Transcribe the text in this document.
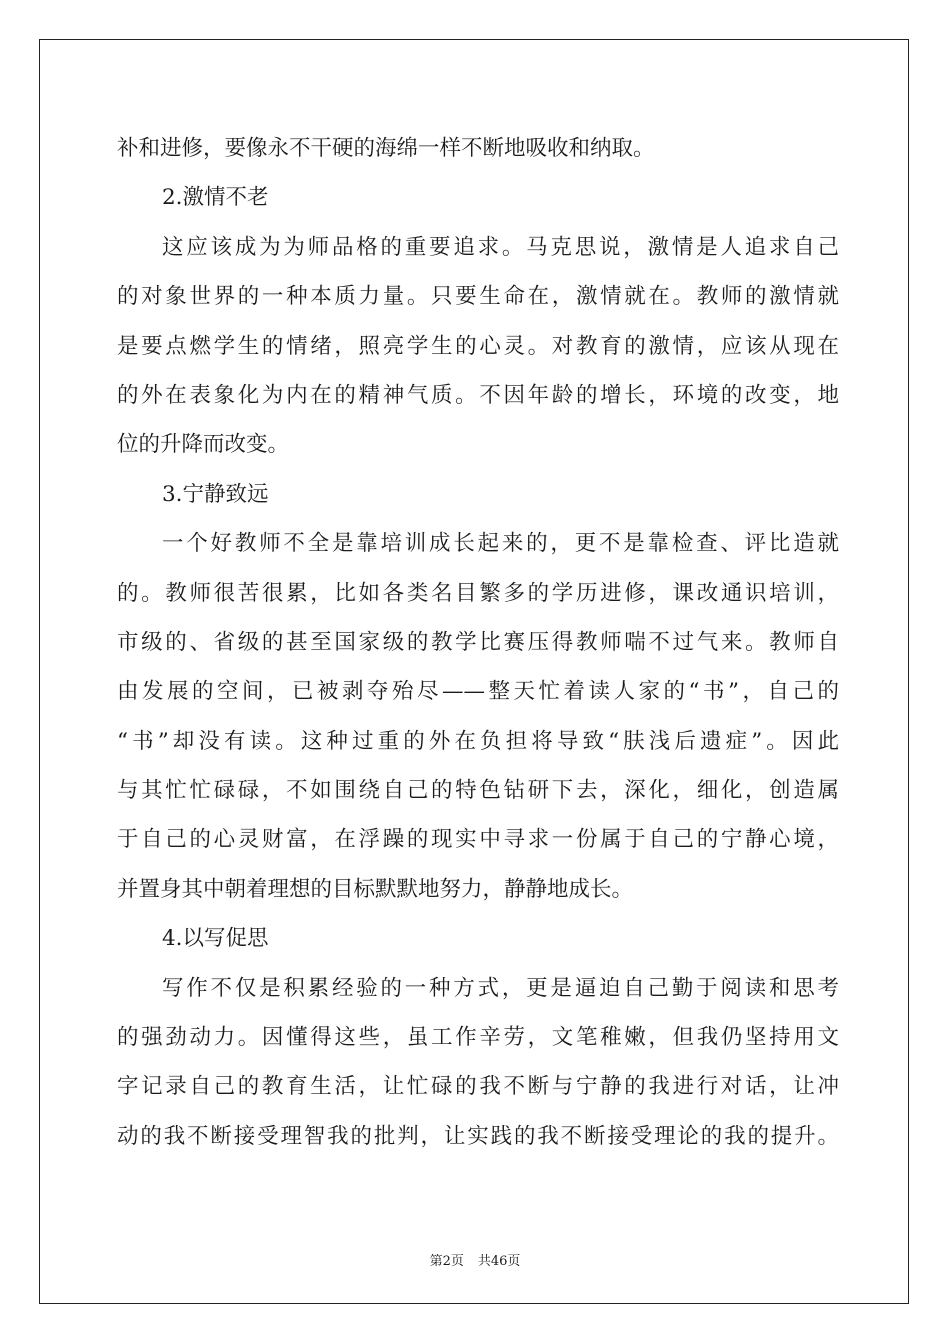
补和进修，要像永不干硬的海绵一样不断地吸收和纳取。
2.激情不老
这应该成为为师品格的重要追求。马克思说，激情是人追求自己
的对象世界的一种本质力量。只要生命在，激情就在。教师的激情就
是要点燃学生的情绪，照亮学生的心灵。对教育的激情，应该从现在
的外在表象化为内在的精神气质。不因年龄的增长，环境的改变，地
位的升降而改变。
3.宁静致远
一个好教师不全是靠培训成长起来的，更不是靠检查、评比造就
的。教师很苦很累，比如各类名目繁多的学历进修，课改通识培训，
市级的、省级的甚至国家级的教学比赛压得教师喘不过气来。教师自
由发展的空间，已被剥夺殆尽——整天忙着读人家的“书”，自己的
“书”却没有读。这种过重的外在负担将导致“肤浅后遗症”。因此
与其忙忙碌碌，不如围绕自己的特色钻研下去，深化，细化，创造属
于自己的心灵财富，在浮躁的现实中寻求一份属于自己的宁静心境，
并置身其中朝着理想的目标默默地努力，静静地成长。
4.以写促思
写作不仅是积累经验的一种方式，更是逼迫自己勤于阅读和思考
的强劲动力。因懂得这些，虽工作辛劳，文笔稚嫩，但我仍坚持用文
字记录自己的教育生活，让忙碌的我不断与宁静的我进行对话，让冲
动的我不断接受理智我的批判，让实践的我不断接受理论的我的提升。
第2页 共46页
